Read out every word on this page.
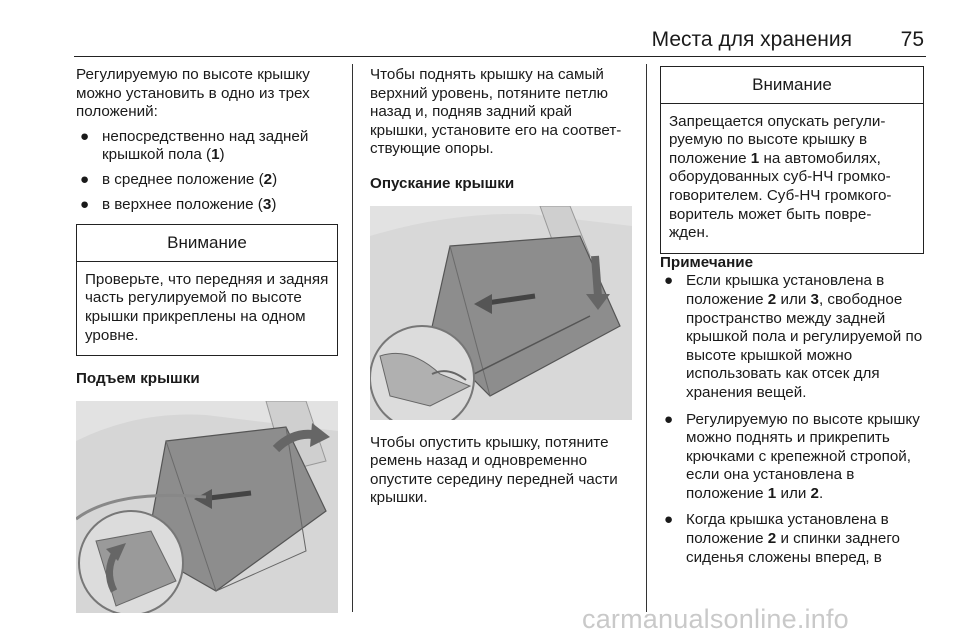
Места для хранения 75

Регулируемую по высоте крышку можно установить в одно из трех положений:

● непосредственно над задней крышкой пола (1)
● в среднее положение (2)
● в верхнее положение (3)
Внимание
Проверьте, что передняя и задняя часть регулируемой по высоте крышки прикреплены на одном уровне.

Подъем крышки

Чтобы поднять крышку на самый верхний уровень, потяните петлю назад и, подняв задний край крышки, установите его на соответ- ствующие опоры.

Опускание крышки

Чтобы опустить крышку, потяните ремень назад и одновременно опустите середину передней части крышки.

Внимание
Запрещается опускать регули- руемую по высоте крышку в положение 1 на автомобилях, оборудованных суб-НЧ громко- говорителем. Суб-НЧ громкого- воритель может быть повре- жден.

Примечание

● Если крышка установлена в положение 2 или 3, свободное пространство между задней крышкой пола и регулируемой по высоте крышкой можно использовать как отсек для хранения вещей.
● Регулируемую по высоте крышку можно поднять и прикрепить крючками с крепежной стропой, если она установлена в положение 1 или 2.
● Когда крышка установлена в положение 2 и спинки заднего сиденья сложены вперед, в
carmanualsonline.info
